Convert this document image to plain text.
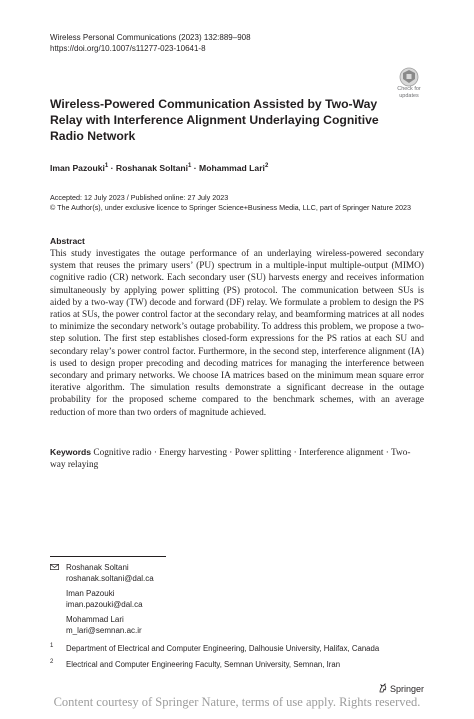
Wireless Personal Communications (2023) 132:889–908
https://doi.org/10.1007/s11277-023-10641-8
Check for
updates
Wireless-Powered Communication Assisted by Two-Way Relay with Interference Alignment Underlaying Cognitive Radio Network
Iman Pazouki$^1$ · Roshanak Soltani$^1$ · Mohammad Lari$^2$
Accepted: 12 July 2023 / Published online: 27 July 2023
© The Author(s), under exclusive licence to Springer Science+Business Media, LLC, part of Springer Nature 2023
Abstract
This study investigates the outage performance of an underlaying wireless-powered secondary system that reuses the primary users’ (PU) spectrum in a multiple-input multiple-output (MIMO) cognitive radio (CR) network. Each secondary user (SU) harvests energy and receives information simultaneously by applying power splitting (PS) protocol. The communication between SUs is aided by a two-way (TW) decode and forward (DF) relay. We formulate a problem to design the PS ratios at SUs, the power control factor at the secondary relay, and beamforming matrices at all nodes to minimize the secondary network’s outage probability. To address this problem, we propose a two-step solution. The first step establishes closed-form expressions for the PS ratios at each SU and secondary relay’s power control factor. Furthermore, in the second step, interference alignment (IA) is used to design proper precoding and decoding matrices for managing the interference between secondary and primary networks. We choose IA matrices based on the minimum mean square error iterative algorithm. The simulation results demonstrate a significant decrease in the outage probability for the proposed scheme compared to the benchmark schemes, with an average reduction of more than two orders of magnitude achieved.
Keywords Cognitive radio · Energy harvesting · Power splitting · Interference alignment · Two-way relaying
Roshanak Soltani
roshanak.soltani@dal.ca
Iman Pazouki
iman.pazouki@dal.ca
Mohammad Lari
m_lari@semnan.ac.ir
1 Department of Electrical and Computer Engineering, Dalhousie University, Halifax, Canada
2 Electrical and Computer Engineering Faculty, Semnan University, Semnan, Iran
Springer
Content courtesy of Springer Nature, terms of use apply. Rights reserved.
